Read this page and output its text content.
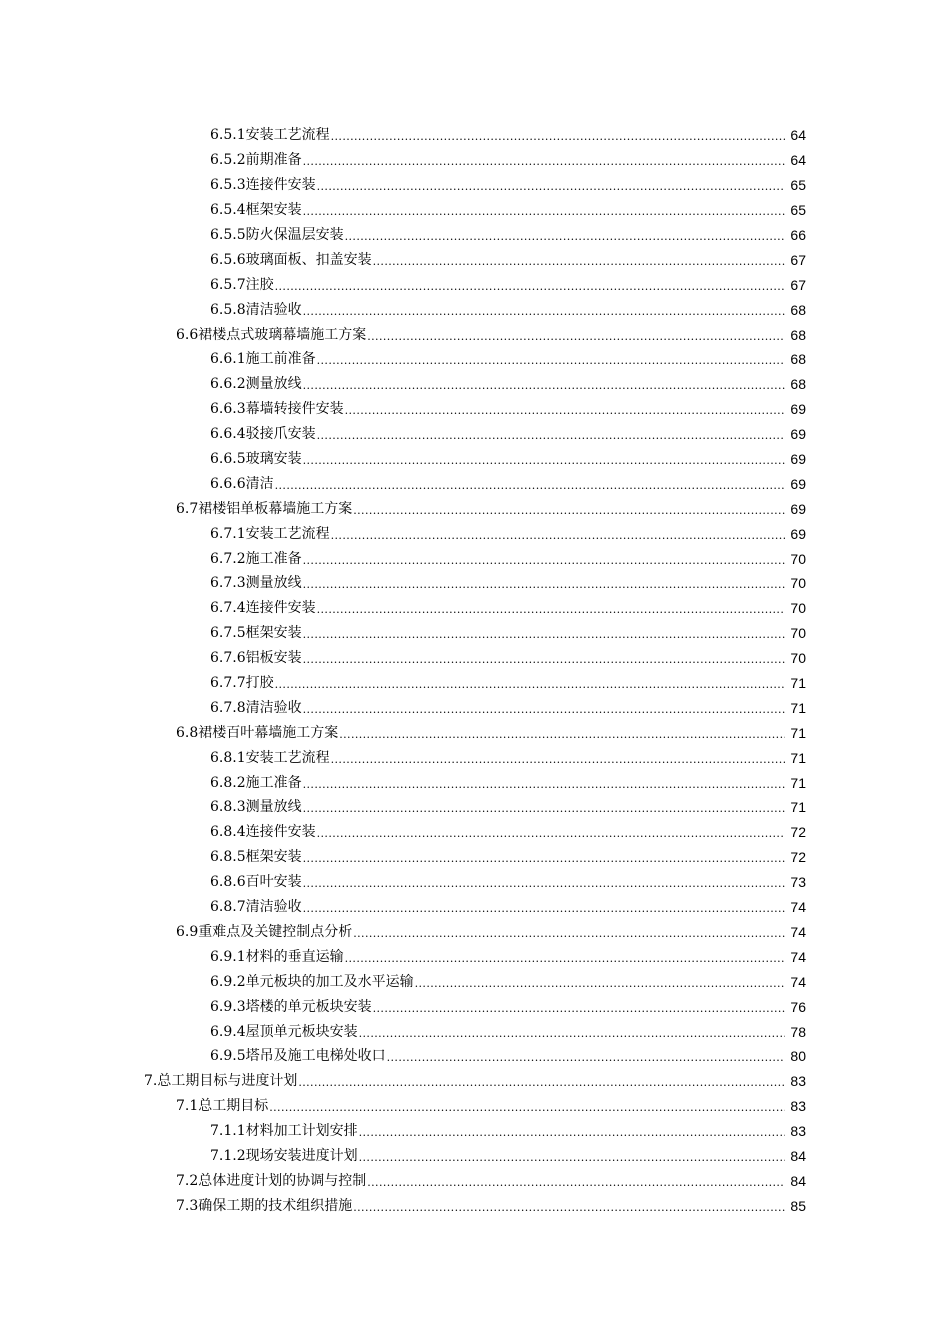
6.5.1安装工艺流程 .....	64
6.5.2前期准备 .....	64
6.5.3连接件安装 .....	65
6.5.4框架安装 .....	65
6.5.5防火保温层安装 .....	66
6.5.6玻璃面板、扣盖安装 .....	67
6.5.7注胶 .....	67
6.5.8清洁验收 .....	68
6.6裙楼点式玻璃幕墙施工方案 .....	68
6.6.1施工前准备 .....	68
6.6.2测量放线 .....	68
6.6.3幕墙转接件安装 .....	69
6.6.4驳接爪安装 .....	69
6.6.5玻璃安装 .....	69
6.6.6清洁 .....	69
6.7裙楼铝单板幕墙施工方案 .....	69
6.7.1安装工艺流程 .....	69
6.7.2施工准备 .....	70
6.7.3测量放线 .....	70
6.7.4连接件安装 .....	70
6.7.5框架安装 .....	70
6.7.6铝板安装 .....	70
6.7.7打胶 .....	71
6.7.8清洁验收 .....	71
6.8裙楼百叶幕墙施工方案 .....	71
6.8.1安装工艺流程 .....	71
6.8.2施工准备 .....	71
6.8.3测量放线 .....	71
6.8.4连接件安装 .....	72
6.8.5框架安装 .....	72
6.8.6百叶安装 .....	73
6.8.7清洁验收 .....	74
6.9重难点及关键控制点分析 .....	74
6.9.1材料的垂直运输 .....	74
6.9.2单元板块的加工及水平运输 .....	74
6.9.3塔楼的单元板块安装 .....	76
6.9.4屋顶单元板块安装 .....	78
6.9.5塔吊及施工电梯处收口 .....	80
7.总工期目标与进度计划 .....	83
7.1总工期目标 .....	83
7.1.1材料加工计划安排 .....	83
7.1.2现场安装进度计划 .....	84
7.2总体进度计划的协调与控制 .....	84
7.3确保工期的技术组织措施 .....	85
